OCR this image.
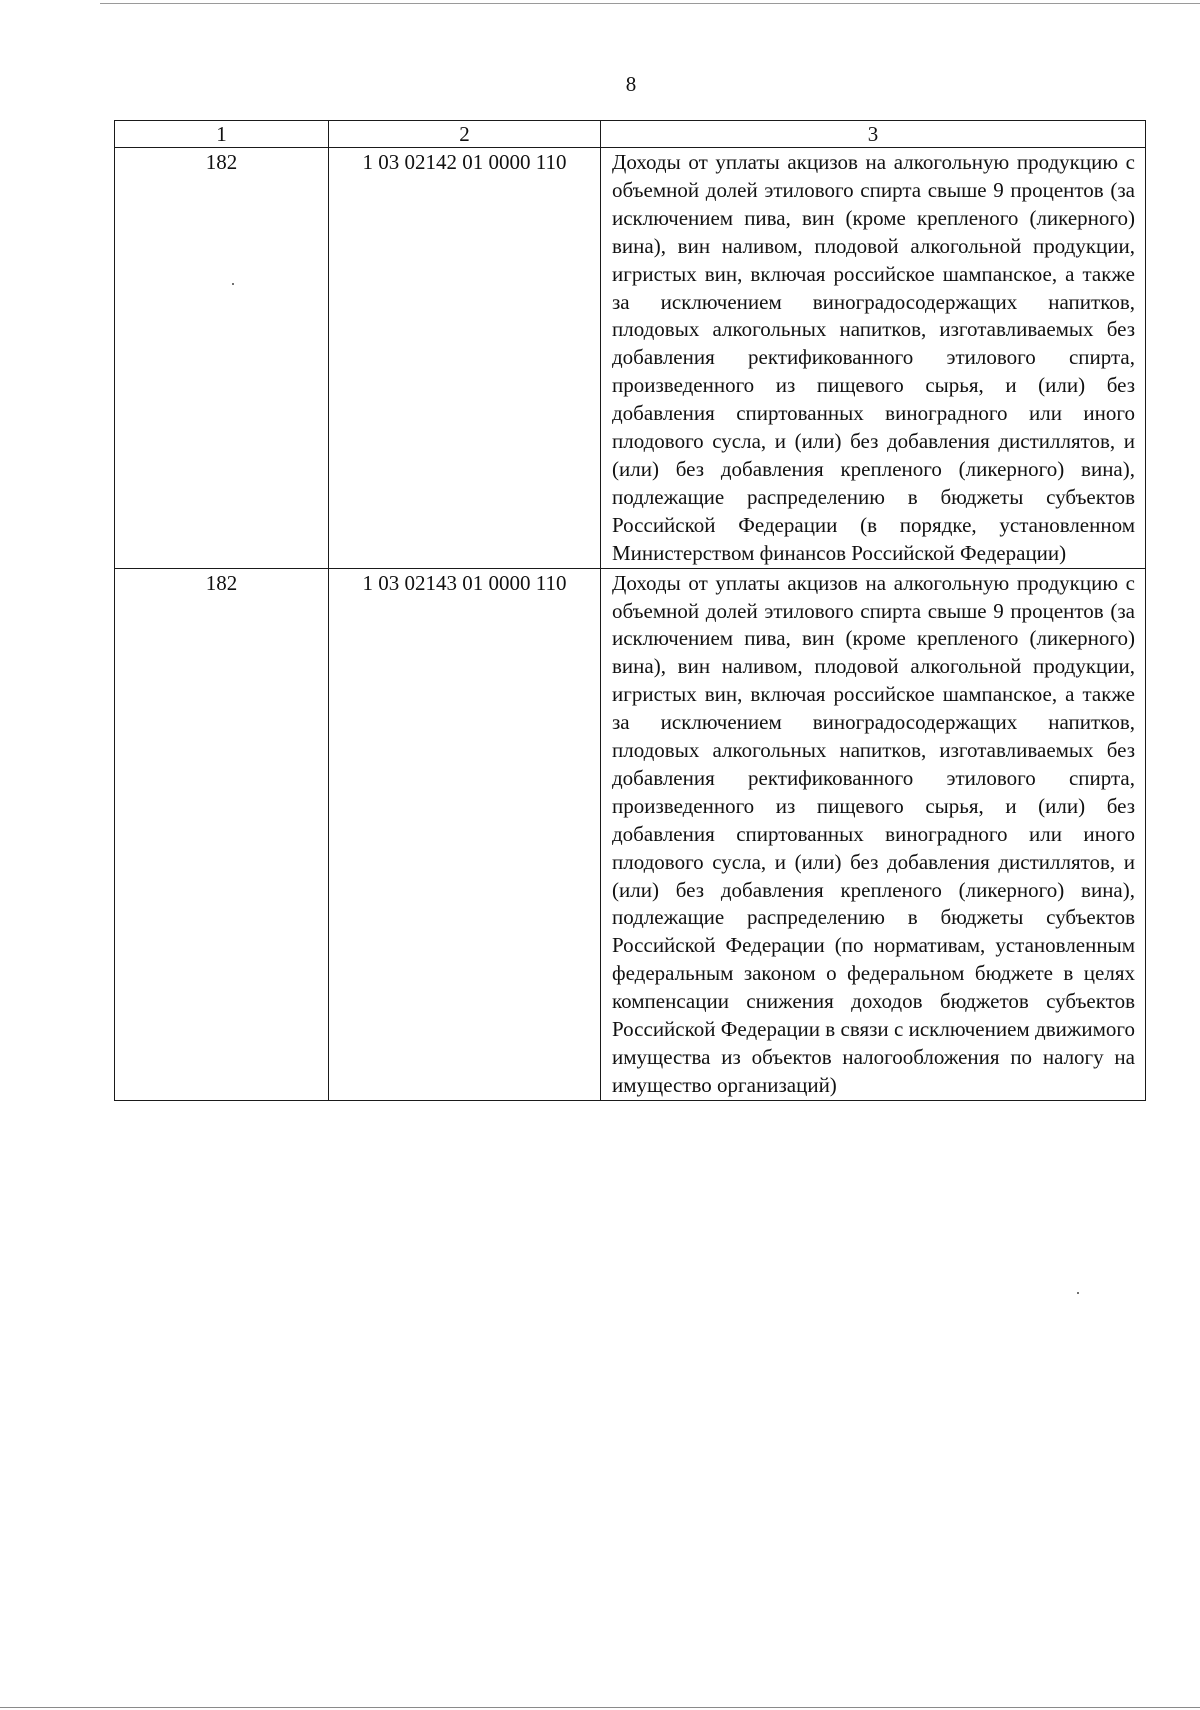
8
1	2	3
182	1 03 02142 01 0000 110	Доходы от уплаты акцизов на алкогольную продукцию с объемной долей этилового спирта свыше 9 процентов (за исключением пива, вин (кроме крепленого (ликерного) вина), вин наливом, плодовой алкогольной продукции, игристых вин, включая российское шампанское, а также за исключением виноградосодержащих напитков, плодовых алкогольных напитков, изготавливаемых без добавления ректификованного этилового спирта, произведенного из пищевого сырья, и (или) без добавления спиртованных виноградного или иного плодового сусла, и (или) без добавления дистиллятов, и (или) без добавления крепленого (ликерного) вина), подлежащие распределению в бюджеты субъектов Российской Федерации (в порядке, установленном Министерством финансов Российской Федерации)
182	1 03 02143 01 0000 110	Доходы от уплаты акцизов на алкогольную продукцию с объемной долей этилового спирта свыше 9 процентов (за исключением пива, вин (кроме крепленого (ликерного) вина), вин наливом, плодовой алкогольной продукции, игристых вин, включая российское шампанское, а также за исключением виноградосодержащих напитков, плодовых алкогольных напитков, изготавливаемых без добавления ректификованного этилового спирта, произведенного из пищевого сырья, и (или) без добавления спиртованных виноградного или иного плодового сусла, и (или) без добавления дистиллятов, и (или) без добавления крепленого (ликерного) вина), подлежащие распределению в бюджеты субъектов Российской Федерации (по нормативам, установленным федеральным законом о федеральном бюджете в целях компенсации снижения доходов бюджетов субъектов Российской Федерации в связи с исключением движимого имущества из объектов налогообложения по налогу на имущество организаций)
